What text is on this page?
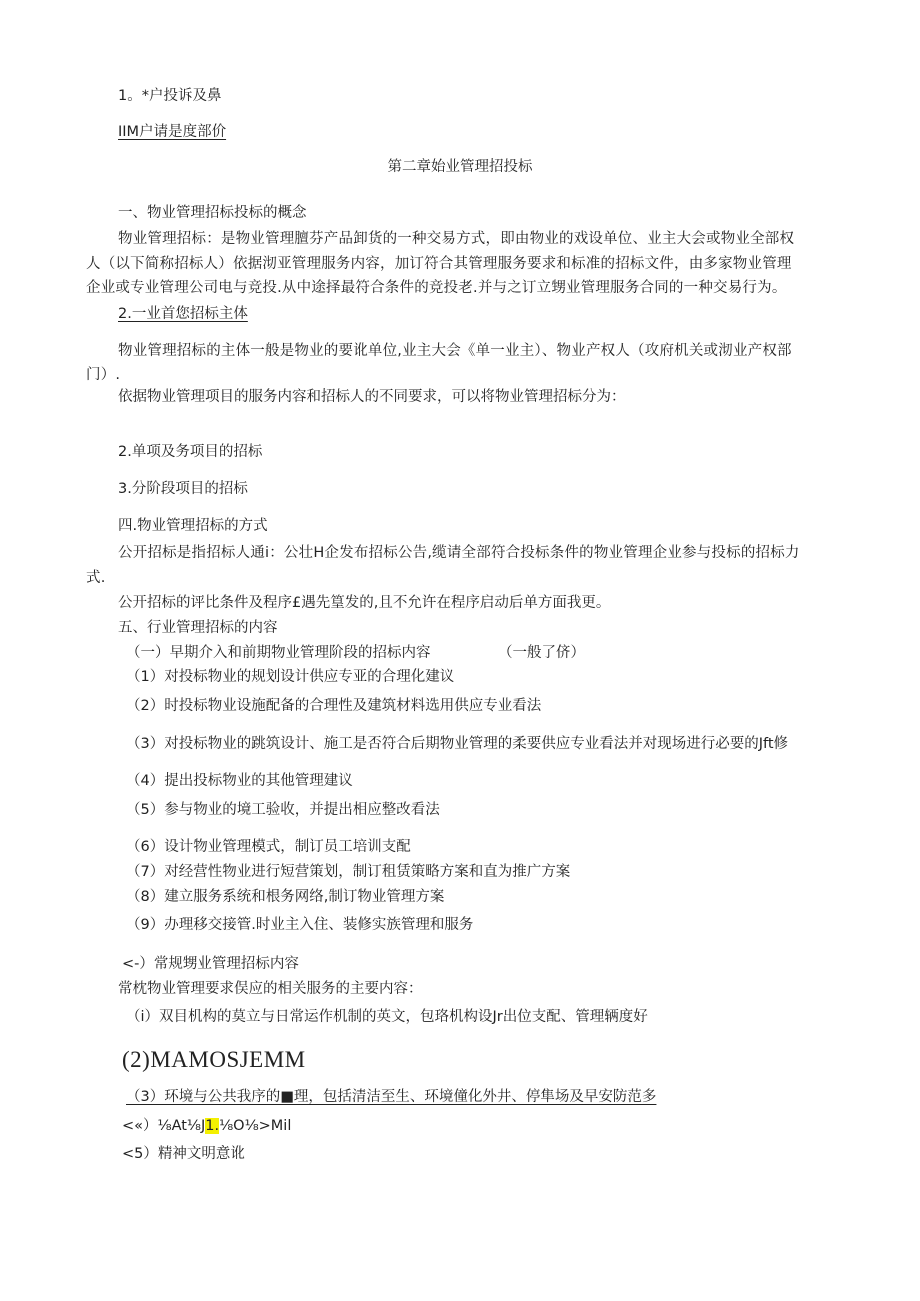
1。*户投诉及鼻
IIM户请是度部价
第二章始业管理招投标
一、物业管理招标投标的概念
物业管理招标：是物业管理膻芬产品卸货的一种交易方式，即由物业的戏设单位、业主大会或物业全部权人（以下简称招标人）依据沏亚管理服务内容，加订符合其管理服务要求和标准的招标文件，由多家物业管理企业或专业管理公司电与竞投.从中途择最符合条件的竞投老.并与之订立甥业管理服务合同的一种交易行为。
2.一业首您招标主体
物业管理招标的主体一般是物业的要讹单位,业主大会《单一业主）、物业产权人（攻府机关或沏业产权部门）.
依据物业管理项目的服务内容和招标人的不同要求，可以将物业管理招标分为：
2.单项及务项目的招标
3.分阶段项目的招标
四.物业管理招标的方式
公开招标是指招标人通i：公壮H企发布招标公告,缆请全部符合投标条件的物业管理企业参与投标的招标力式.
公开招标的评比条件及程序£遇先篁发的,且不允许在程序启动后单方面我更。
五、行业管理招标的内容
（一）早期介入和前期物业管理阶段的招标内容	（一般了侪）
（1）对投标物业的规划设计供应专亚的合理化建议
（2）时投标物业设施配备的合理性及建筑材料选用供应专业看法
（3）对投标物业的跳筑设计、施工是否符合后期物业管理的柔要供应专业看法并对现场进行必要的Jft修
（4）提出投标物业的其他管理建议
（5）参与物业的境工验收，并提出相应整改看法
（6）设计物业管理模式，制订员工培训支配
（7）对经营性物业进行短营策划，制订租赁策略方案和直为推广方案
（8）建立服务系统和根务网络,制订物业管理方案
（9）办理移交接管.时业主入住、装修实族管理和服务
<-）常规甥业管理招标内容
常枕物业管理要求俣应的相关服务的主要内容：
（i）双目机构的莫立与日常运作机制的英文，包珞机构设Jr出位支配、管理辆度好
(2)MAMOSJEMM
（3）环境与公共我序的■理，包括清洁至生、环境僮化外井、停隼场及早安防范多
<«）⅛At⅛J1.⅛O⅛>Mil
<5）精神文明意讹
